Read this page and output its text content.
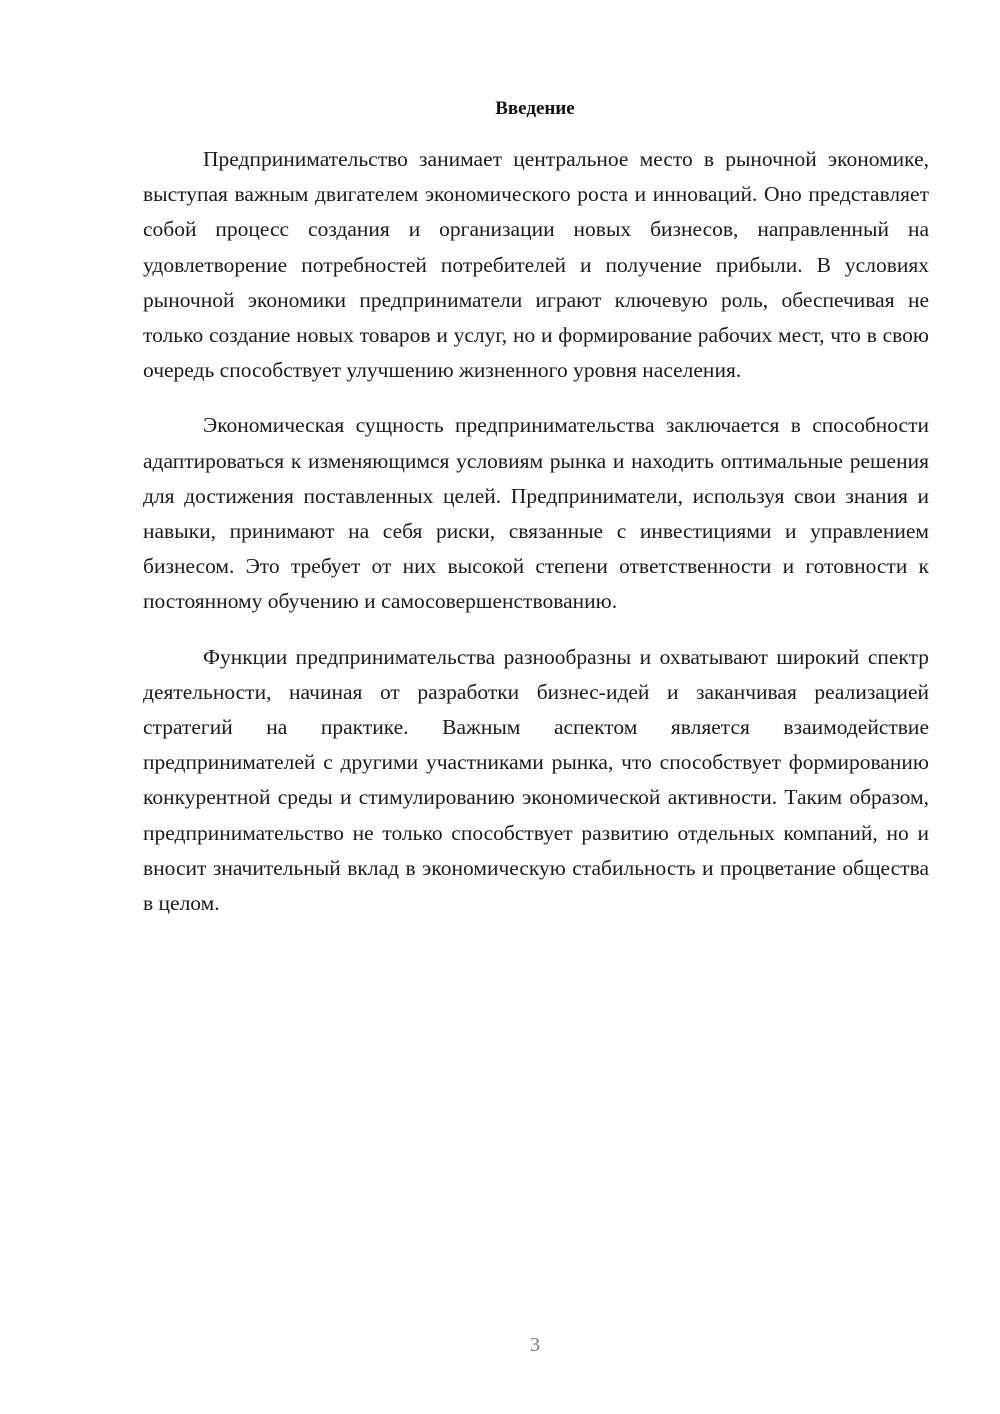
Введение

Предпринимательство занимает центральное место в рыночной экономике, выступая важным двигателем экономического роста и инноваций. Оно представляет собой процесс создания и организации новых бизнесов, направленный на удовлетворение потребностей потребителей и получение прибыли. В условиях рыночной экономики предприниматели играют ключевую роль, обеспечивая не только создание новых товаров и услуг, но и формирование рабочих мест, что в свою очередь способствует улучшению жизненного уровня населения.

Экономическая сущность предпринимательства заключается в способности адаптироваться к изменяющимся условиям рынка и находить оптимальные решения для достижения поставленных целей. Предприниматели, используя свои знания и навыки, принимают на себя риски, связанные с инвестициями и управлением бизнесом. Это требует от них высокой степени ответственности и готовности к постоянному обучению и самосовершенствованию.

Функции предпринимательства разнообразны и охватывают широкий спектр деятельности, начиная от разработки бизнес-идей и заканчивая реализацией стратегий на практике. Важным аспектом является взаимодействие предпринимателей с другими участниками рынка, что способствует формированию конкурентной среды и стимулированию экономической активности. Таким образом, предпринимательство не только способствует развитию отдельных компаний, но и вносит значительный вклад в экономическую стабильность и процветание общества в целом.

3
